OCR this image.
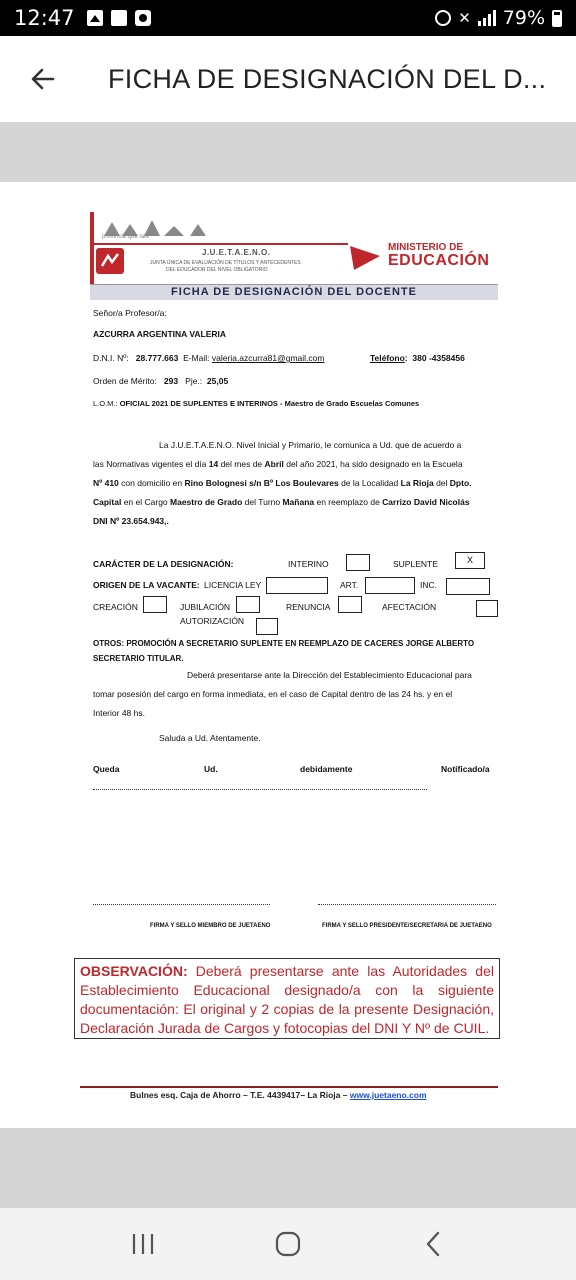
12:47	✕ 79%
FICHA DE DESIGNACIÓN DEL D...
provincia que late
J.U.E.T.A.E.N.O.
JUNTA ÚNICA DE EVALUACIÓN DE TÍTULOS Y ANTECEDENTES
DEL EDUCADOR DEL NIVEL OBLIGATORIO
MINISTERIO DE
EDUCACIÓN
FICHA DE DESIGNACIÓN DEL DOCENTE
Señor/a Profesor/a:
AZCURRA ARGENTINA VALERIA
D.N.I. Nº: 28.777.663 E-Mail: valeria.azcurra81@gmail.com	Teléfono: 380 -4358456
Orden de Mérito: 293 Pje.: 25,05
L.O.M.: OFICIAL 2021 DE SUPLENTES E INTERINOS - Maestro de Grado Escuelas Comunes
La J.U.E.T.A.E.N.O. Nivel Inicial y Primario, le comunica a Ud. que de acuerdo a
las Normativas vigentes el día 14 del mes de Abril del año 2021, ha sido designado en la Escuela
Nº 410 con domicilio en Rino Bolognesi s/n Bº Los Boulevares de la Localidad La Rioja del Dpto.
Capital en el Cargo Maestro de Grado del Turno Mañana en reemplazo de Carrizo David Nicolás
DNI Nº 23.654.943,.
CARÁCTER DE LA DESIGNACIÓN:	INTERINO	SUPLENTE	X
ORIGEN DE LA VACANTE: LICENCIA LEY	ART.	INC.
CREACIÓN	JUBILACIÓN	RENUNCIA	AFECTACIÓN
AUTORIZACIÓN
OTROS: PROMOCIÓN A SECRETARIO SUPLENTE EN REEMPLAZO DE CACERES JORGE ALBERTO
SECRETARIO TITULAR.
Deberá presentarse ante la Dirección del Establecimiento Educacional para
tomar posesión del cargo en forma inmediata, en el caso de Capital dentro de las 24 hs. y en el
Interior 48 hs.
Saluda a Ud. Atentamente.
Queda	Ud.	debidamente	Notificado/a
FIRMA Y SELLO MIEMBRO DE JUETAENO	FIRMA Y SELLO PRESIDENTE/SECRETARIA DE JUETAENO
OBSERVACIÓN: Deberá presentarse ante las Autoridades del Establecimiento Educacional designado/a con la siguiente documentación: El original y 2 copias de la presente Designación, Declaración Jurada de Cargos y fotocopias del DNI Y Nº de CUIL.
Bulnes esq. Caja de Ahorro – T.E. 4439417– La Rioja – www.juetaeno.com
